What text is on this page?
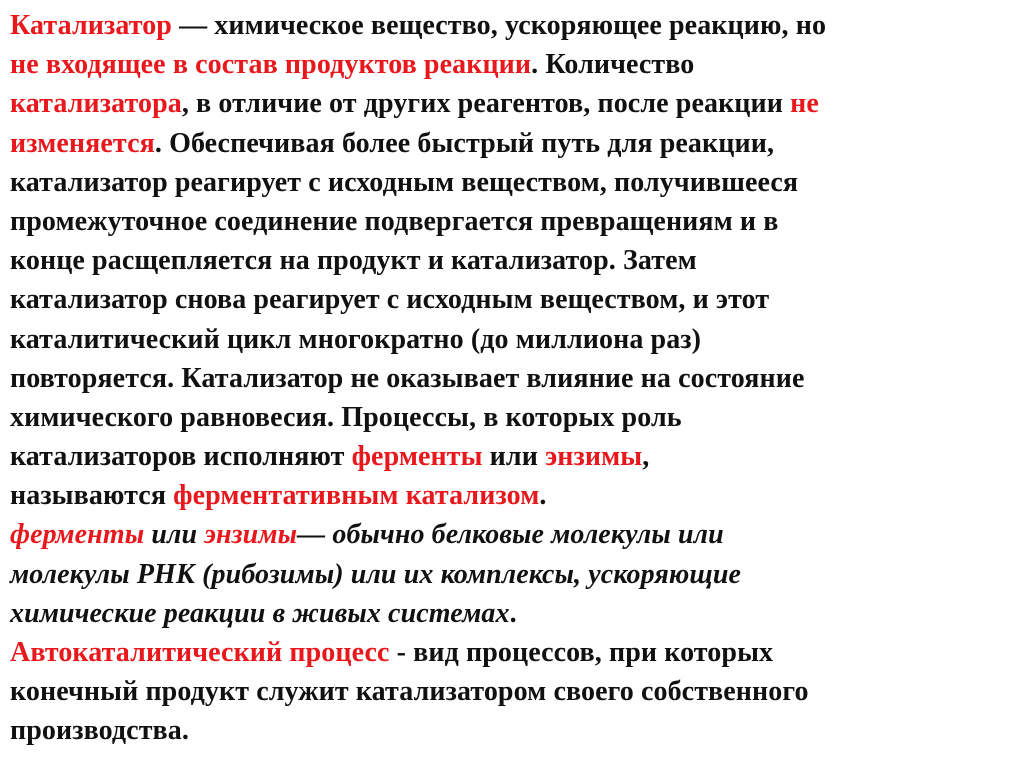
Катализатор — химическое вещество, ускоряющее реакцию, но
не входящее в состав продуктов реакции. Количество
катализатора, в отличие от других реагентов, после реакции не
изменяется. Обеспечивая более быстрый путь для реакции,
катализатор реагирует с исходным веществом, получившееся
промежуточное соединение подвергается превращениям и в
конце расщепляется на продукт и катализатор. Затем
катализатор снова реагирует с исходным веществом, и этот
каталитический цикл многократно (до миллиона раз)
повторяется. Катализатор не оказывает влияние на состояние
химического равновесия. Процессы, в которых роль
катализаторов исполняют ферменты или энзимы,
называются ферментативным катализом.
ферменты или энзимы— обычно белковые молекулы или
молекулы РНК (рибозимы) или их комплексы, ускоряющие
химические реакции в живых системах.
Автокаталитический процесс - вид процессов, при которых
конечный продукт служит катализатором своего собственного
производства.
